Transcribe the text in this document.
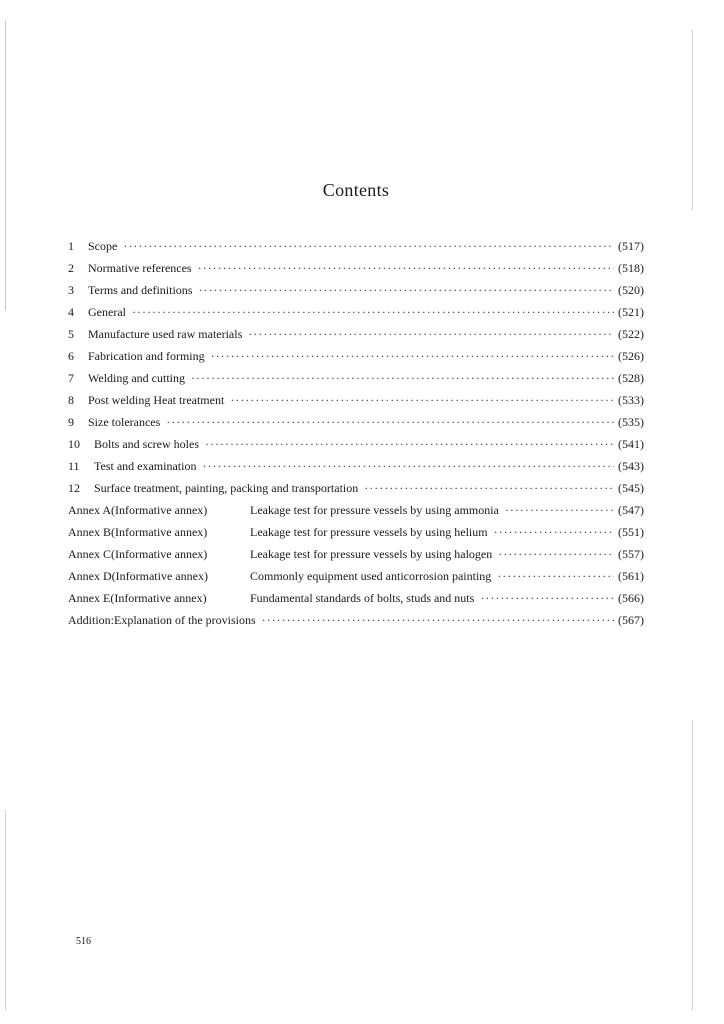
Contents
1	Scope ·····	(517)
2	Normative references ·····	(518)
3	Terms and definitions ·····	(520)
4	General ·····	(521)
5	Manufacture used raw materials ·····	(522)
6	Fabrication and forming ·····	(526)
7	Welding and cutting ·····	(528)
8	Post welding Heat treatment ·····	(533)
9	Size tolerances ·····	(535)
10	Bolts and screw holes ·····	(541)
11	Test and examination ·····	(543)
12	Surface treatment, painting, packing and transportation ·····	(545)
Annex A(Informative annex)	Leakage test for pressure vessels by using ammonia ·····	(547)
Annex B(Informative annex)	Leakage test for pressure vessels by using helium ·····	(551)
Annex C(Informative annex)	Leakage test for pressure vessels by using halogen ·····	(557)
Annex D(Informative annex)	Commonly equipment used anticorrosion painting ·····	(561)
Annex E(Informative annex)	Fundamental standards of bolts, studs and nuts ·····	(566)
Addition:Explanation of the provisions ·····	(567)
516
